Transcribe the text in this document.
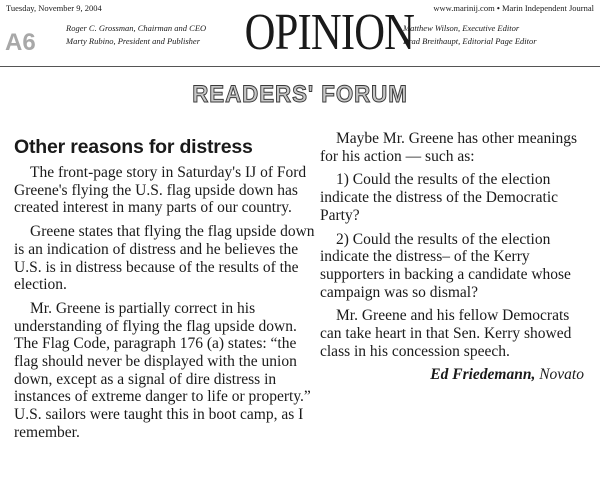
Tuesday, November 9, 2004	www.marinij.com • Marin Independent Journal
A6
Roger C. Grossman, Chairman and CEO
Marty Rubino, President and Publisher OPINION
Matthew Wilson, Executive Editor
Brad Breithaupt, Editorial Page Editor
READERS' FORUM
Other reasons for distress

The front-page story in Saturday's IJ of Ford Greene's flying the U.S. flag upside down has created interest in many parts of our country.

Greene states that flying the flag upside down is an indication of distress and he believes the U.S. is in distress because of the results of the election.

Mr. Greene is partially correct in his understanding of flying the flag upside down. The Flag Code, paragraph 176 (a) states: “the flag should never be displayed with the union down, except as a signal of dire distress in instances of extreme danger to life or property.” U.S. sailors were taught this in boot camp, as I remember.

Maybe Mr. Greene has other meanings for his action — such as:

1) Could the results of the election indicate the distress of the Democratic Party?

2) Could the results of the election indicate the distress– of the Kerry supporters in backing a candidate whose campaign was so dismal?

Mr. Greene and his fellow Democrats can take heart in that Sen. Kerry showed class in his concession speech.

Ed Friedemann, Novato
